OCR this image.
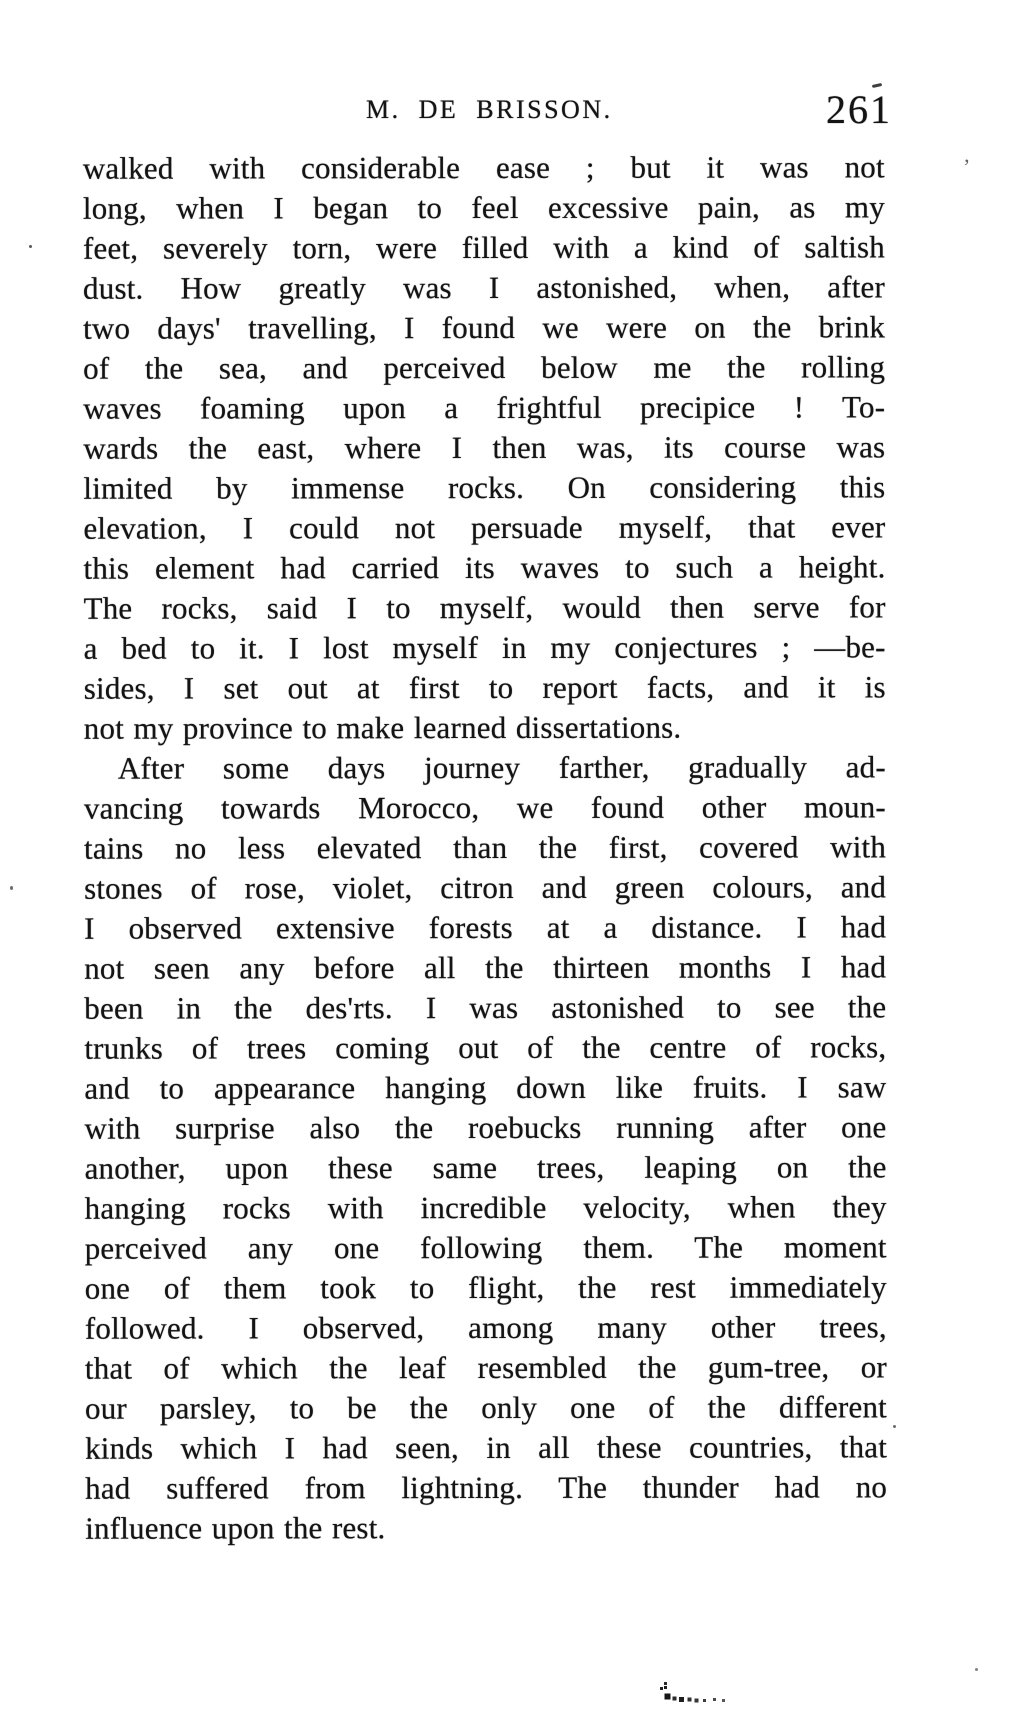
M. DE BRISSON.	261
walked with considerable ease ; but it was not
long, when I began to feel excessive pain, as my
feet, severely torn, were filled with a kind of saltish
dust. How greatly was I astonished, when, after
two days' travelling, I found we were on the brink
of the sea, and perceived below me the rolling
waves foaming upon a frightful precipice ! To-
wards the east, where I then was, its course was
limited by immense rocks. On considering this
elevation, I could not persuade myself, that ever
this element had carried its waves to such a height.
The rocks, said I to myself, would then serve for
a bed to it. I lost myself in my conjectures ; —be-
sides, I set out at first to report facts, and it is
not my province to make learned dissertations.
After some days journey farther, gradually ad-
vancing towards Morocco, we found other moun-
tains no less elevated than the first, covered with
stones of rose, violet, citron and green colours, and
I observed extensive forests at a distance. I had
not seen any before all the thirteen months I had
been in the des'rts. I was astonished to see the
trunks of trees coming out of the centre of rocks,
and to appearance hanging down like fruits. I saw
with surprise also the roebucks running after one
another, upon these same trees, leaping on the
hanging rocks with incredible velocity, when they
perceived any one following them. The moment
one of them took to flight, the rest immediately
followed. I observed, among many other trees,
that of which the leaf resembled the gum-tree, or
our parsley, to be the only one of the different
kinds which I had seen, in all these countries, that
had suffered from lightning. The thunder had no
influence upon the rest.
’
